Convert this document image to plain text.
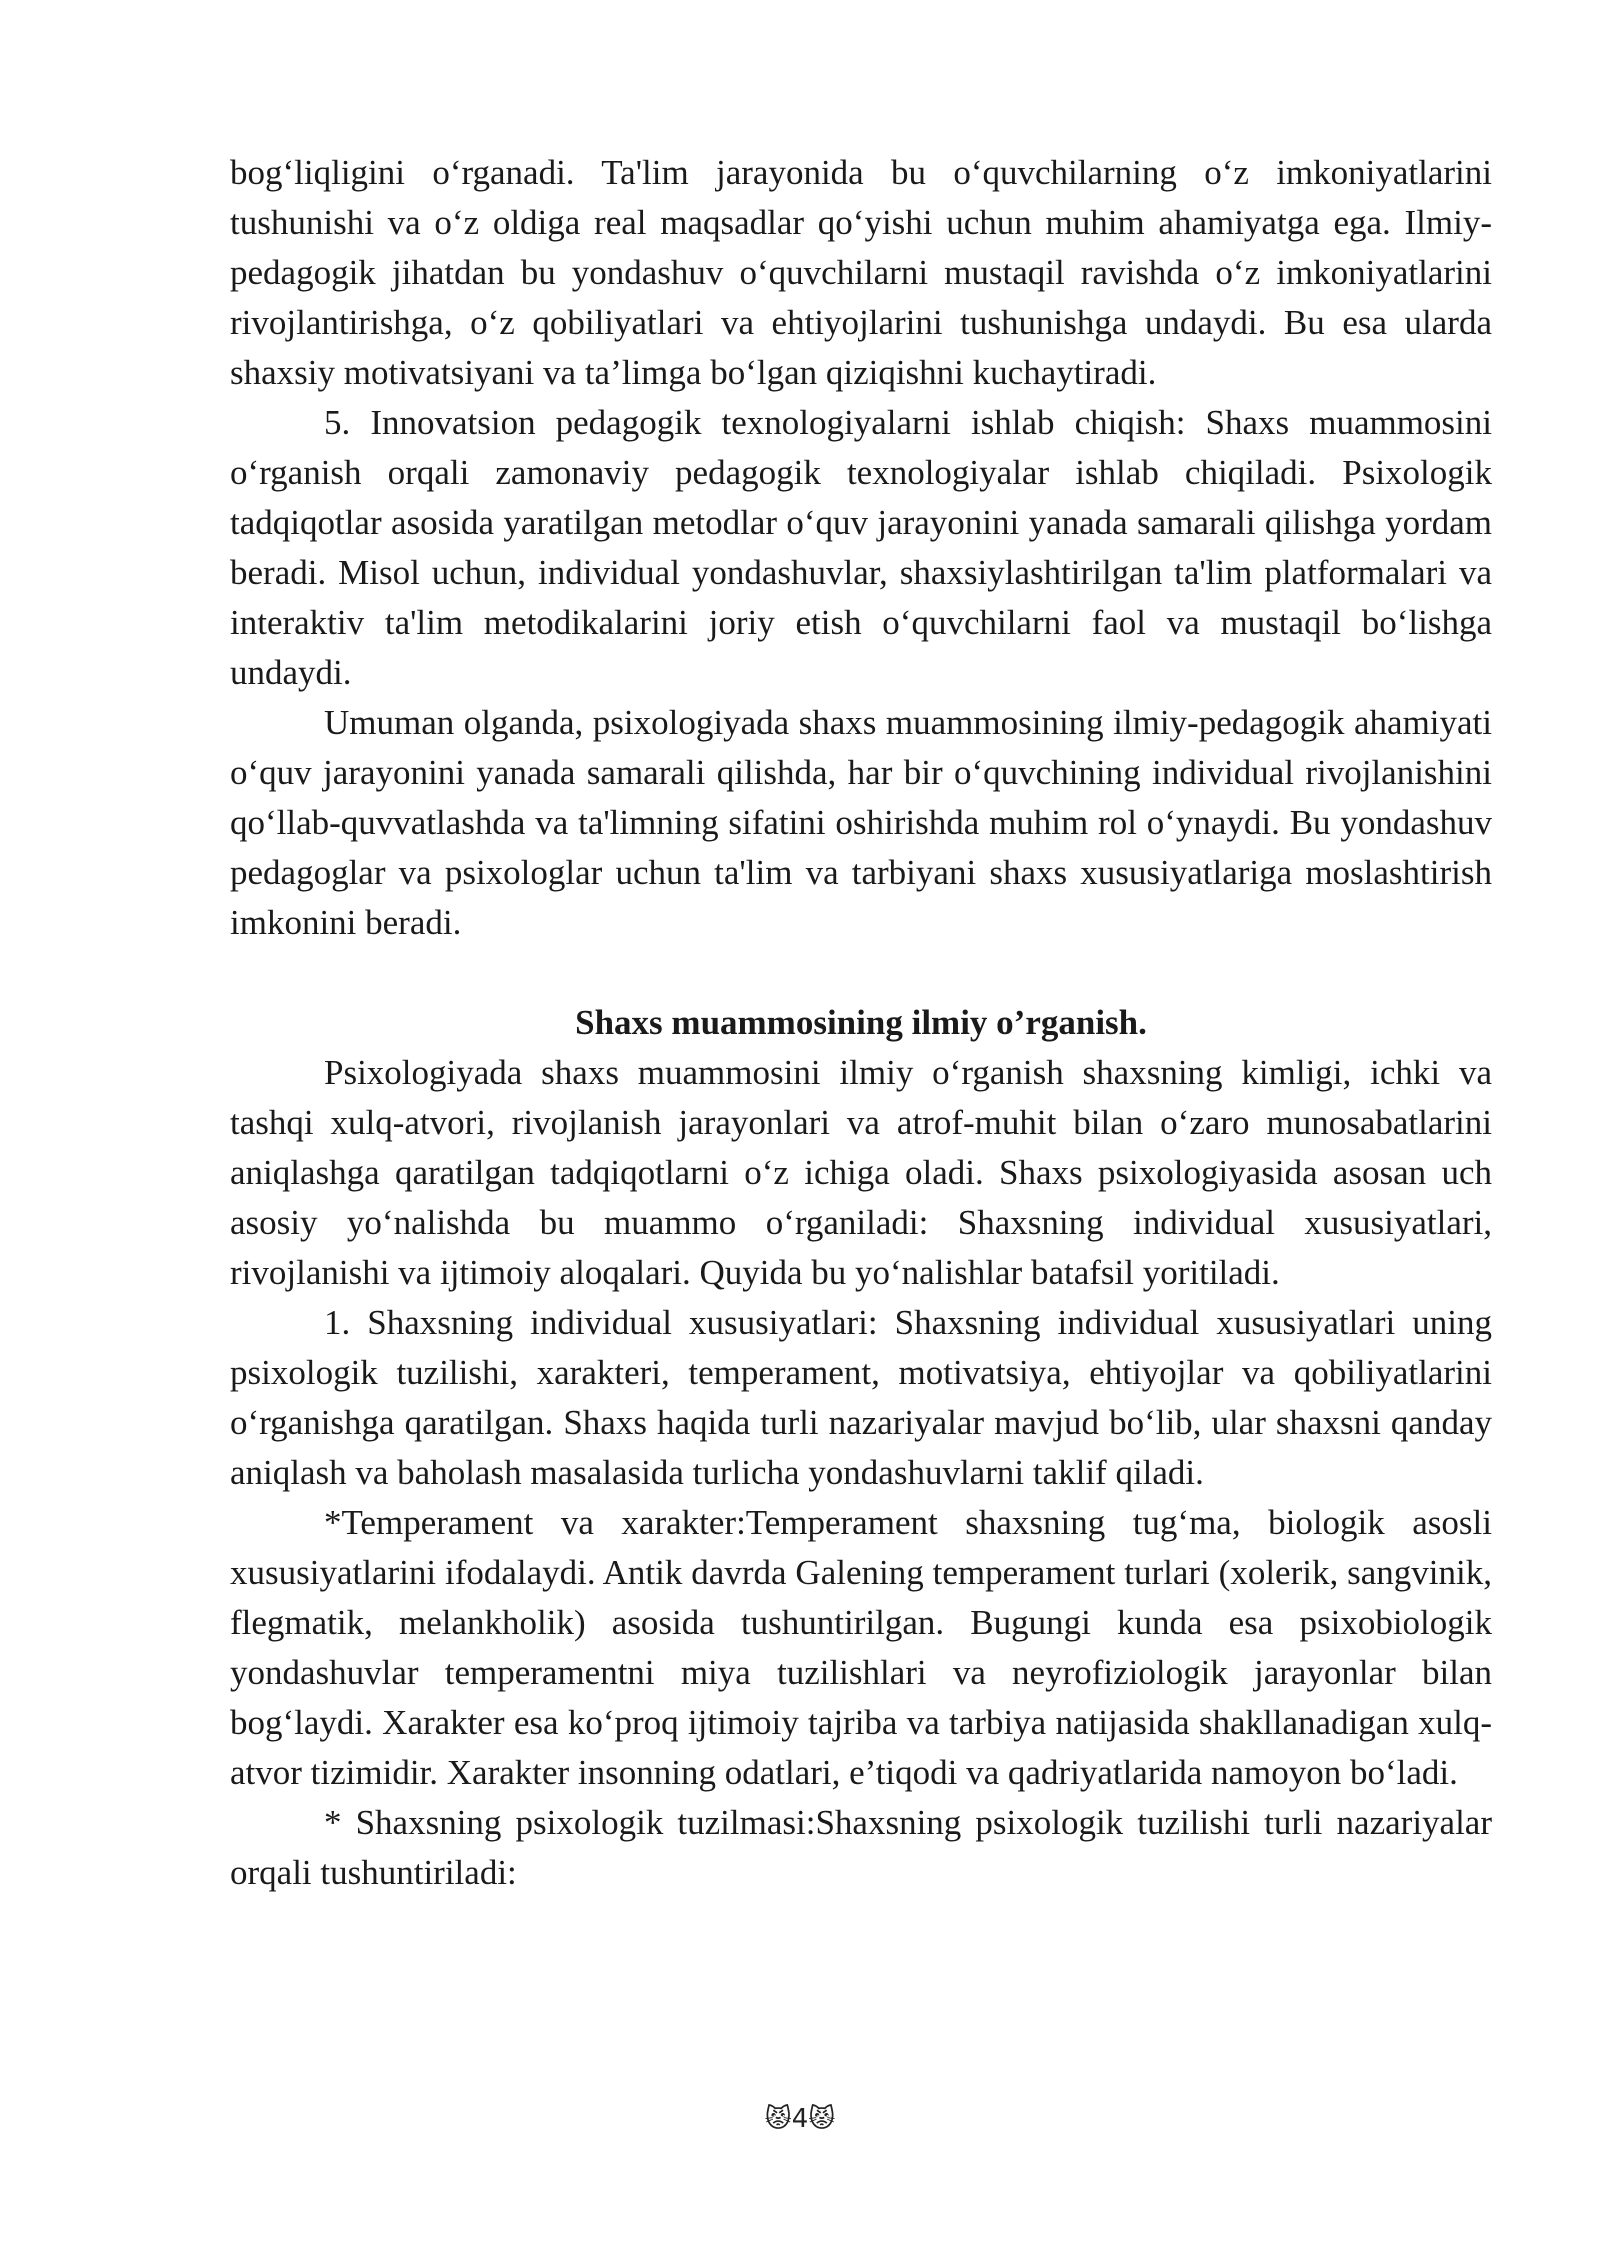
bog‘liqligini o‘rganadi. Ta'lim jarayonida bu o‘quvchilarning o‘z imkoniyatlarini tushunishi va o‘z oldiga real maqsadlar qo‘yishi uchun muhim ahamiyatga ega. Ilmiy-pedagogik jihatdan bu yondashuv o‘quvchilarni mustaqil ravishda o‘z imkoniyatlarini rivojlantirishga, o‘z qobiliyatlari va ehtiyojlarini tushunishga undaydi. Bu esa ularda shaxsiy motivatsiyani va ta’limga bo‘lgan qiziqishni kuchaytiradi.

5. Innovatsion pedagogik texnologiyalarni ishlab chiqish: Shaxs muammosini o‘rganish orqali zamonaviy pedagogik texnologiyalar ishlab chiqiladi. Psixologik tadqiqotlar asosida yaratilgan metodlar o‘quv jarayonini yanada samarali qilishga yordam beradi. Misol uchun, individual yondashuvlar, shaxsiylashtirilgan ta'lim platformalari va interaktiv ta'lim metodikalarini joriy etish o‘quvchilarni faol va mustaqil bo‘lishga undaydi.

Umuman olganda, psixologiyada shaxs muammosining ilmiy-pedagogik ahamiyati o‘quv jarayonini yanada samarali qilishda, har bir o‘quvchining individual rivojlanishini qo‘llab-quvvatlashda va ta'limning sifatini oshirishda muhim rol o‘ynaydi. Bu yondashuv pedagoglar va psixologlar uchun ta'lim va tarbiyani shaxs xususiyatlariga moslashtirish imkonini beradi.

Shaxs muammosining ilmiy o’rganish.

Psixologiyada shaxs muammosini ilmiy o‘rganish shaxsning kimligi, ichki va tashqi xulq-atvori, rivojlanish jarayonlari va atrof-muhit bilan o‘zaro munosabatlarini aniqlashga qaratilgan tadqiqotlarni o‘z ichiga oladi. Shaxs psixologiyasida asosan uch asosiy yo‘nalishda bu muammo o‘rganiladi: Shaxsning individual xususiyatlari, rivojlanishi va ijtimoiy aloqalari. Quyida bu yo‘nalishlar batafsil yoritiladi.

1. Shaxsning individual xususiyatlari: Shaxsning individual xususiyatlari uning psixologik tuzilishi, xarakteri, temperament, motivatsiya, ehtiyojlar va qobiliyatlarini o‘rganishga qaratilgan. Shaxs haqida turli nazariyalar mavjud bo‘lib, ular shaxsni qanday aniqlash va baholash masalasida turlicha yondashuvlarni taklif qiladi.

*Temperament va xarakter:Temperament shaxsning tug‘ma, biologik asosli xususiyatlarini ifodalaydi. Antik davrda Galening temperament turlari (xolerik, sangvinik, flegmatik, melankholik) asosida tushuntirilgan. Bugungi kunda esa psixobiologik yondashuvlar temperamentni miya tuzilishlari va neyrofiziologik jarayonlar bilan bog‘laydi. Xarakter esa ko‘proq ijtimoiy tajriba va tarbiya natijasida shakllanadigan xulq-atvor tizimidir. Xarakter insonning odatlari, e’tiqodi va qadriyatlarida namoyon bo‘ladi.

* Shaxsning psixologik tuzilmasi:Shaxsning psixologik tuzilishi turli nazariyalar orqali tushuntiriladi:

😾4😾
